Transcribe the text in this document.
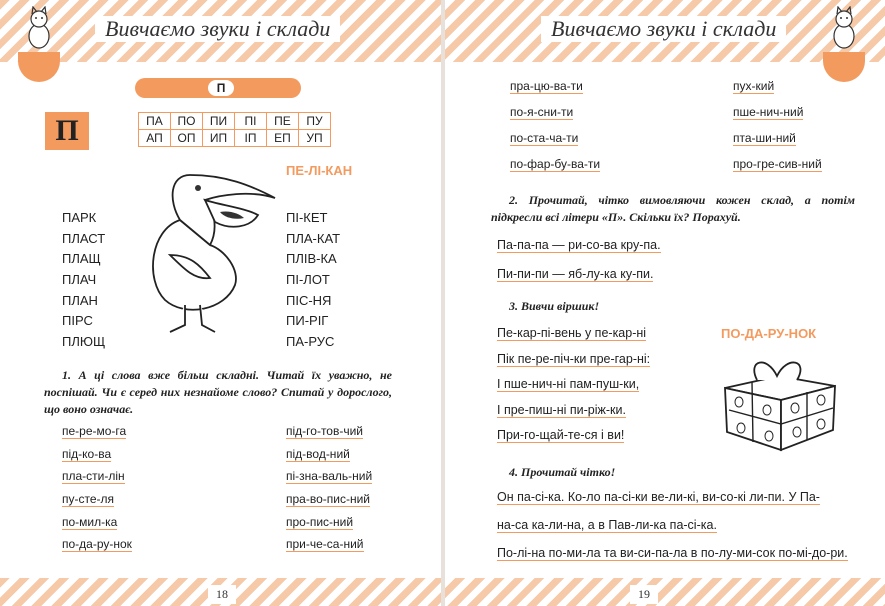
Вивчаємо звуки і склади
П
П	ПА	ПО	ПИ	ПІ	ПЕ	ПУ
АП	ОП	ИП	ІП	ЕП	УП
ПЕ-ЛІ-КАН
ПАРК
ПЛАСТ
ПЛАЩ
ПЛАЧ
ПЛАН
ПІРС
ПЛЮЩ
ПІ-КЕТ
ПЛА-КАТ
ПЛІВ-КА
ПІ-ЛОТ
ПІС-НЯ
ПИ-РІГ
ПА-РУС
1. А ці слова вже більш складні. Читай їх уважно, не поспішай. Чи є серед них незнайоме слово? Спитай у дорослого, що воно означає.
пе-ре-мо-га
під-ко-ва
пла-сти-лін
пу-сте-ля
по-мил-ка
по-да-ру-нок
під-го-тов-чий
під-вод-ний
пі-зна-валь-ний
пра-во-пис-ний
про-пис-ний
при-че-са-ний
18
Вивчаємо звуки і склади
пра-цю-ва-ти
по-я-сни-ти
по-ста-ча-ти
по-фар-бу-ва-ти
пух-кий
пше-нич-ний
пта-ши-ний
про-гре-сив-ний
2. Прочитай, чітко вимовляючи кожен склад, а потім підкресли всі літери «П». Скільки їх? Порахуй.
Па-па-па — ри-со-ва кру-па.
Пи-пи-пи — яб-лу-ка ку-пи.
3. Вивчи віршик!
ПО-ДА-РУ-НОК
Пе-кар-пі-вень у пе-кар-ні
Пік пе-ре-піч-ки пре-гар-ні:
І пше-нич-ні пам-пуш-ки,
І пре-пиш-ні пи-ріж-ки.
При-го-щай-те-ся і ви!
4. Прочитай чітко!
Он па-сі-ка. Ко-ло па-сі-ки ве-ли-кі, ви-со-кі ли-пи. У Па-
на-са ка-ли-на, а в Пав-ли-ка па-сі-ка.
По-лі-на по-ми-ла та ви-си-па-ла в по-лу-ми-сок по-мі-до-ри.
19
